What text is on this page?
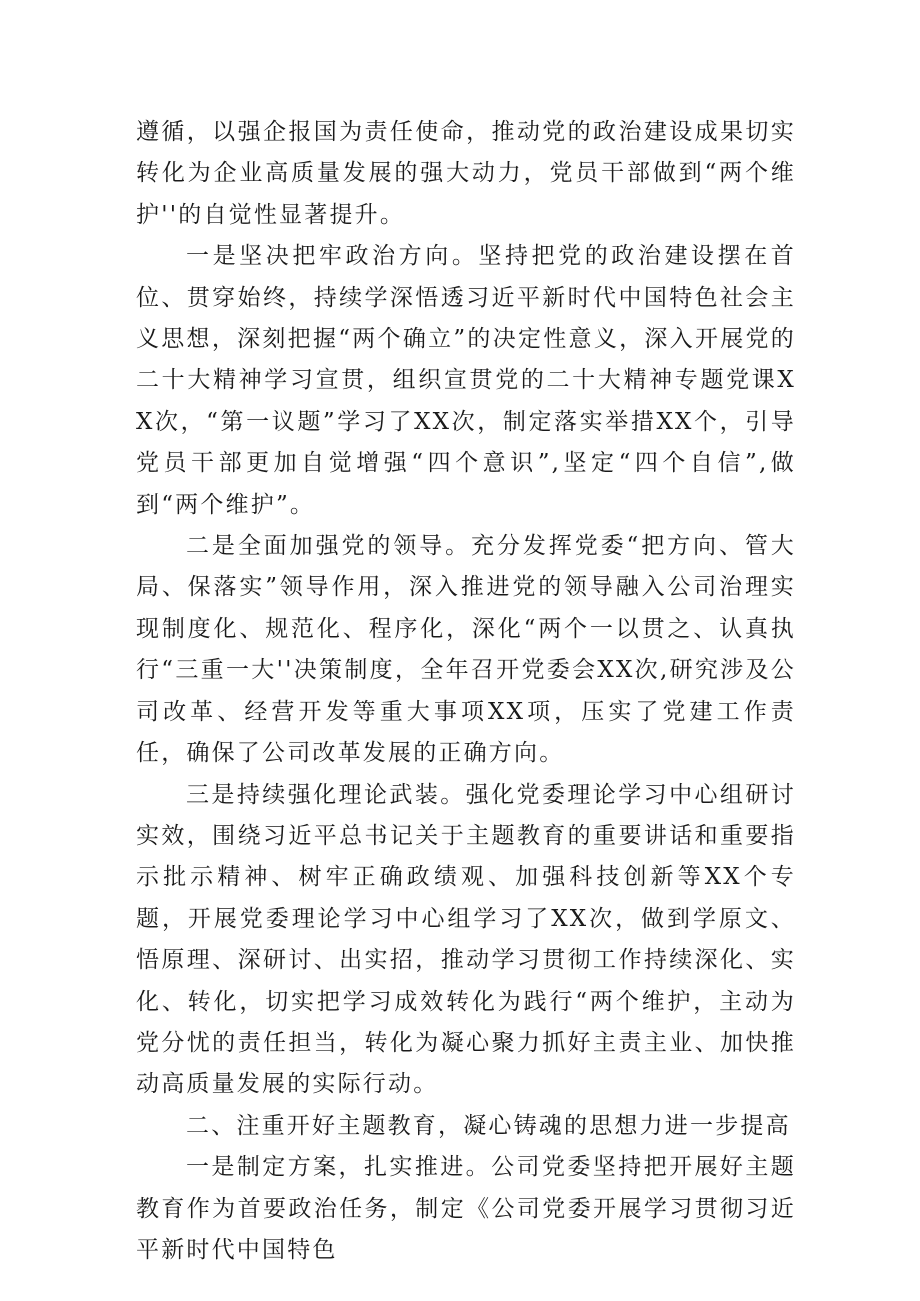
遵循，以强企报国为责任使命，推动党的政治建设成果切实转化为企业高质量发展的强大动力，党员干部做到“两个维护''的自觉性显著提升。

一是坚决把牢政治方向。坚持把党的政治建设摆在首位、贯穿始终，持续学深悟透习近平新时代中国特色社会主义思想，深刻把握“两个确立”的决定性意义，深入开展党的二十大精神学习宣贯，组织宣贯党的二十大精神专题党课XX次，“第一议题”学习了XX次，制定落实举措XX个，引导党员干部更加自觉增强“四个意识”,坚定“四个自信”,做到“两个维护”。

二是全面加强党的领导。充分发挥党委“把方向、管大局、保落实”领导作用，深入推进党的领导融入公司治理实现制度化、规范化、程序化，深化“两个一以贯之、认真执行“三重一大''决策制度，全年召开党委会XX次,研究涉及公司改革、经营开发等重大事项XX项，压实了党建工作责任，确保了公司改革发展的正确方向。

三是持续强化理论武装。强化党委理论学习中心组研讨实效，围绕习近平总书记关于主题教育的重要讲话和重要指示批示精神、树牢正确政绩观、加强科技创新等XX个专题，开展党委理论学习中心组学习了XX次，做到学原文、悟原理、深研讨、出实招，推动学习贯彻工作持续深化、实化、转化，切实把学习成效转化为践行“两个维护，主动为党分忧的责任担当，转化为凝心聚力抓好主责主业、加快推动高质量发展的实际行动。

二、注重开好主题教育，凝心铸魂的思想力进一步提高

一是制定方案，扎实推进。公司党委坚持把开展好主题教育作为首要政治任务，制定《公司党委开展学习贯彻习近平新时代中国特色
